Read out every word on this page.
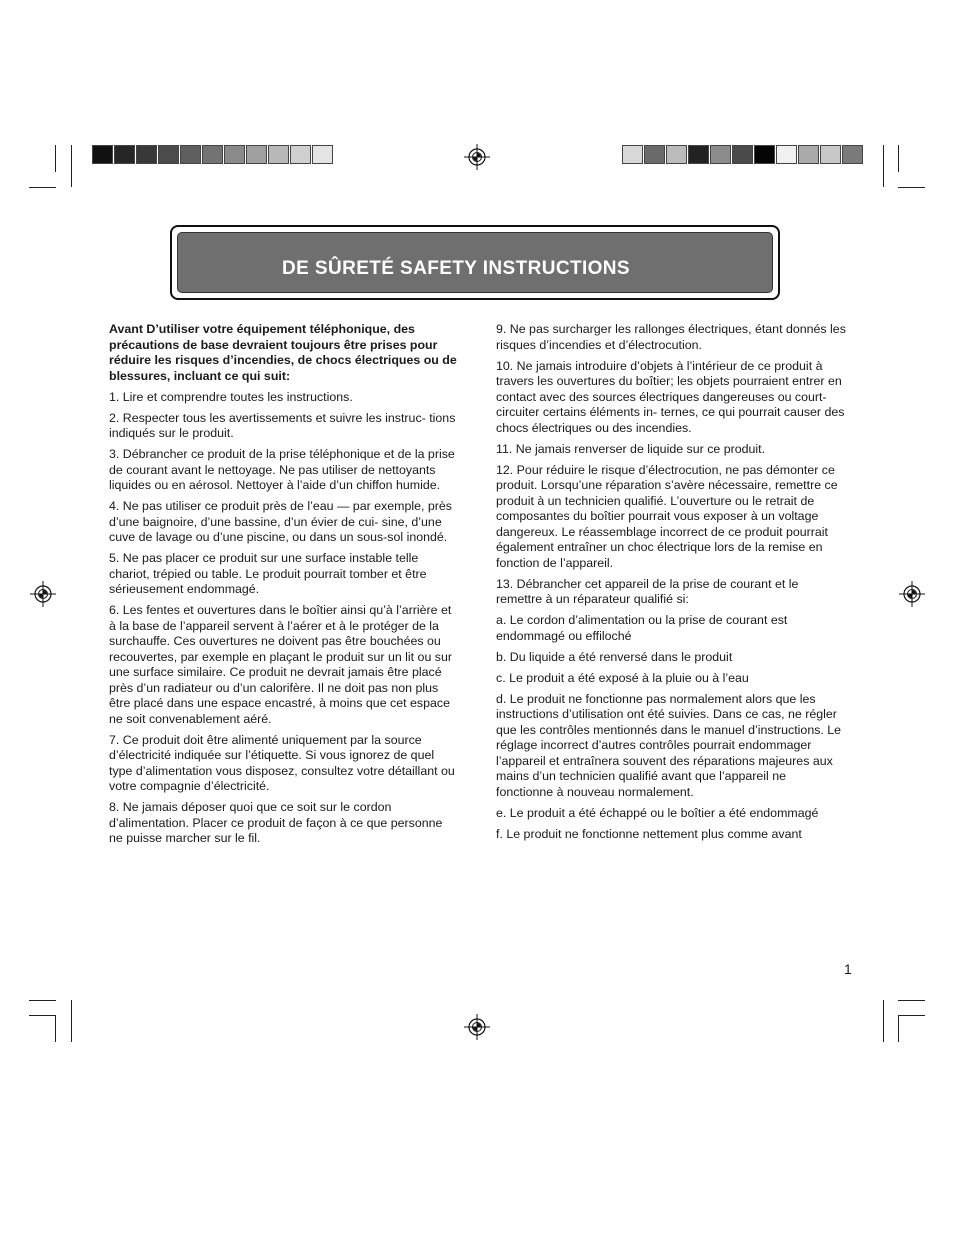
DE SÛRETÉ SAFETY INSTRUCTIONS

Avant D’utiliser votre équipement téléphonique, des précautions de base devraient toujours être prises pour réduire les risques d’incendies, de chocs électriques ou de blessures, incluant ce qui suit:

1. Lire et comprendre toutes les instructions.

2. Respecter tous les avertissements et suivre les instruc- tions indiqués sur le produit.

3. Débrancher ce produit de la prise téléphonique et de la prise de courant avant le nettoyage. Ne pas utiliser de nettoyants liquides ou en aérosol. Nettoyer à l’aide d’un chiffon humide.

4. Ne pas utiliser ce produit près de l’eau — par exemple, près d’une baignoire, d’une bassine, d’un évier de cui- sine, d’une cuve de lavage ou d’une piscine, ou dans un sous-sol inondé.

5. Ne pas placer ce produit sur une surface instable telle chariot, trépied ou table. Le produit pourrait tomber et être sérieusement endommagé.

6. Les fentes et ouvertures dans le boîtier ainsi qu’à l’arrière et à la base de l’appareil servent à l’aérer et à le protéger de la surchauffe. Ces ouvertures ne doivent pas être bouchées ou recouvertes, par exemple en plaçant le produit sur un lit ou sur une surface similaire. Ce produit ne devrait jamais être placé près d’un radiateur ou d’un calorifère. Il ne doit pas non plus être placé dans une espace encastré, à moins que cet espace ne soit convenablement aéré.

7. Ce produit doit être alimenté uniquement par la source d’électricité indiquée sur l’étiquette. Si vous ignorez de quel type d’alimentation vous disposez, consultez votre détaillant ou votre compagnie d’électricité.

8. Ne jamais déposer quoi que ce soit sur le cordon d’alimentation. Placer ce produit de façon à ce que personne ne puisse marcher sur le fil.

9. Ne pas surcharger les rallonges électriques, étant donnés les risques d’incendies et d’électrocution.

10. Ne jamais introduire d’objets à l’intérieur de ce produit à travers les ouvertures du boîtier; les objets pourraient entrer en contact avec des sources électriques dangereuses ou court-circuiter certains éléments in- ternes, ce qui pourrait causer des chocs électriques ou des incendies.

11. Ne jamais renverser de liquide sur ce produit.

12. Pour réduire le risque d’électrocution, ne pas démonter ce produit. Lorsqu’une réparation s’avère nécessaire, remettre ce produit à un technicien qualifié. L’ouverture ou le retrait de composantes du boîtier pourrait vous exposer à un voltage dangereux. Le réassemblage incorrect de ce produit pourrait également entraîner un choc électrique lors de la remise en fonction de l’appareil.

13. Débrancher cet appareil de la prise de courant et le remettre à un réparateur qualifié si:

a. Le cordon d’alimentation ou la prise de courant est endommagé ou effiloché

b. Du liquide a été renversé dans le produit

c. Le produit a été exposé à la pluie ou à l’eau

d. Le produit ne fonctionne pas normalement alors que les instructions d’utilisation ont été suivies. Dans ce cas, ne régler que les contrôles mentionnés dans le manuel d’instructions. Le réglage incorrect d’autres contrôles pourrait endommager l’appareil et entraînera souvent des réparations majeures aux mains d’un technicien qualifié avant que l’appareil ne fonctionne à nouveau normalement.

e. Le produit a été échappé ou le boîtier a été endommagé

f. Le produit ne fonctionne nettement plus comme avant

1
